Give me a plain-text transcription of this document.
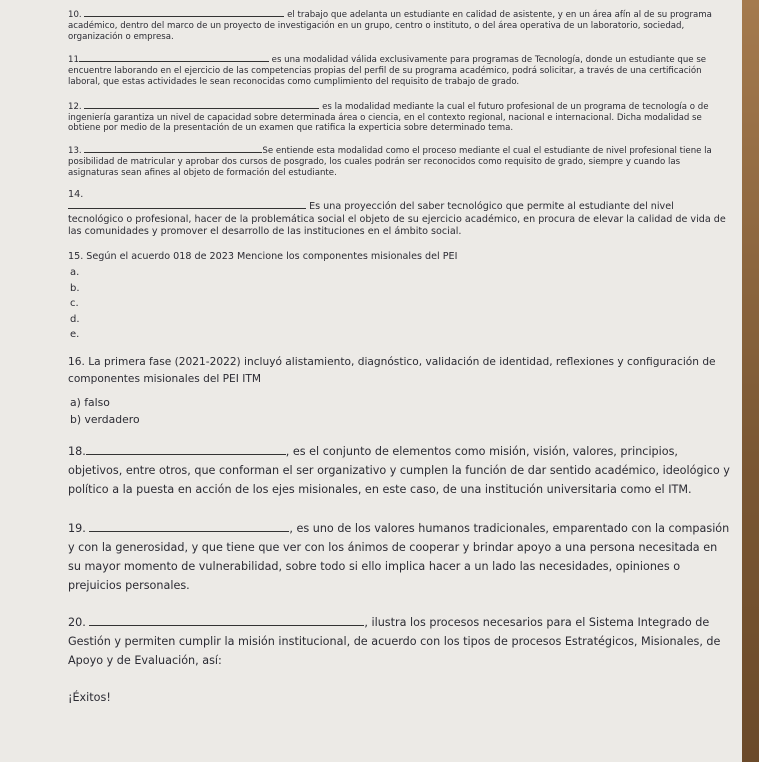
10.	el trabajo que adelanta un estudiante en calidad de asistente, y en un área afín al de su programa académico, dentro del marco de un proyecto de investigación en un grupo, centro o instituto, o del área operativa de un laboratorio, sociedad, organización o empresa.

11	es una modalidad válida exclusivamente para programas de Tecnología, donde un estudiante que se encuentre laborando en el ejercicio de las competencias propias del perfil de su programa académico, podrá solicitar, a través de una certificación laboral, que estas actividades le sean reconocidas como cumplimiento del requisito de trabajo de grado.

12.	es la modalidad mediante la cual el futuro profesional de un programa de tecnología o de ingeniería garantiza un nivel de capacidad sobre determinada área o ciencia, en el contexto regional, nacional e internacional. Dicha modalidad se obtiene por medio de la presentación de un examen que ratifica la experticia sobre determinado tema.

13.	Se entiende esta modalidad como el proceso mediante el cual el estudiante de nivel profesional tiene la posibilidad de matricular y aprobar dos cursos de posgrado, los cuales podrán ser reconocidos como requisito de grado, siempre y cuando las asignaturas sean afines al objeto de formación del estudiante.

14.
Es una proyección del saber tecnológico que permite al estudiante del nivel tecnológico o profesional, hacer de la problemática social el objeto de su ejercicio académico, en procura de elevar la calidad de vida de las comunidades y promover el desarrollo de las instituciones en el ámbito social.

15. Según el acuerdo 018 de 2023 Mencione los componentes misionales del PEI

a.
b.
c.
d.
e.

16. La primera fase (2021-2022) incluyó alistamiento, diagnóstico, validación de identidad, reflexiones y configuración de componentes misionales del PEI ITM

a) falso
b) verdadero

18.	, es el conjunto de elementos como misión, visión, valores, principios, objetivos, entre otros, que conforman el ser organizativo y cumplen la función de dar sentido académico, ideológico y político a la puesta en acción de los ejes misionales, en este caso, de una institución universitaria como el ITM.

19.	, es uno de los valores humanos tradicionales, emparentado con la compasión y con la generosidad, y que tiene que ver con los ánimos de cooperar y brindar apoyo a una persona necesitada en su mayor momento de vulnerabilidad, sobre todo si ello implica hacer a un lado las necesidades, opiniones o prejuicios personales.

20.	, ilustra los procesos necesarios para el Sistema Integrado de Gestión y permiten cumplir la misión institucional, de acuerdo con los tipos de procesos Estratégicos, Misionales, de Apoyo y de Evaluación, así:

¡Éxitos!
